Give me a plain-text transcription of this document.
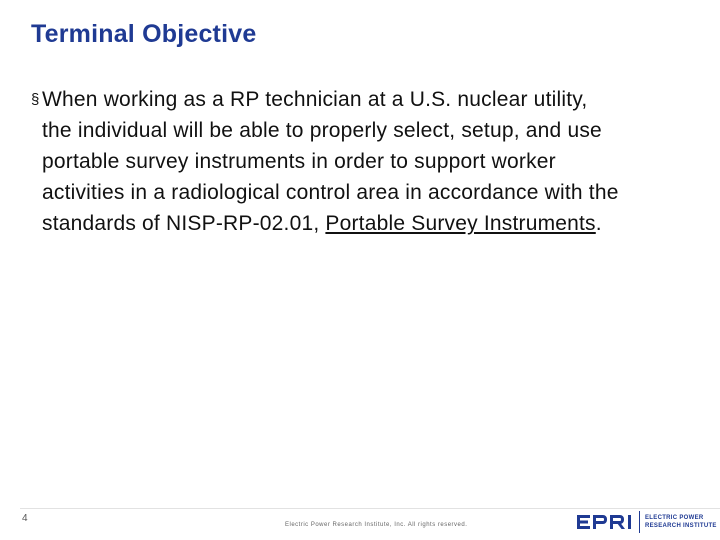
Terminal Objective
§ When working as a RP technician at a U.S. nuclear utility,
the individual will be able to properly select, setup, and use
portable survey instruments in order to support worker
activities in a radiological control area in accordance with the
standards of NISP-RP-02.01, Portable Survey Instruments.
4
Electric Power Research Institute, Inc. All rights reserved.
ELECTRIC POWER
RESEARCH INSTITUTE
